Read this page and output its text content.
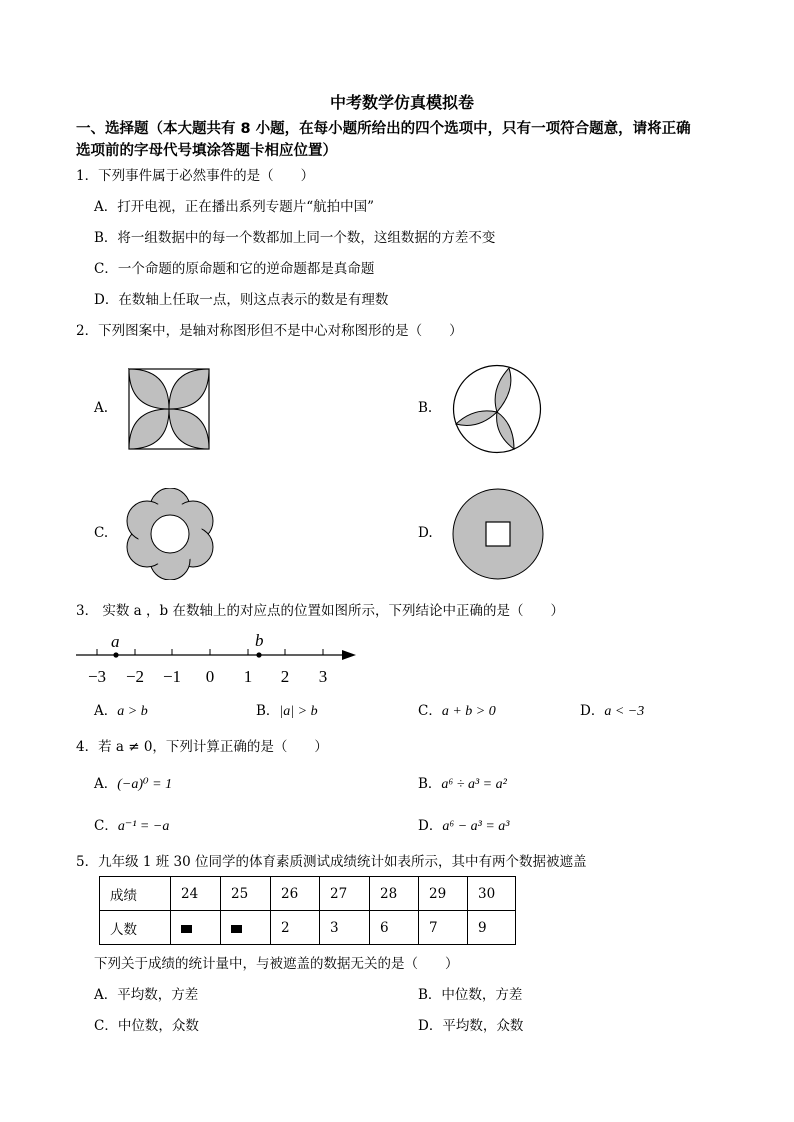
中考数学仿真模拟卷
一、选择题（本大题共有 8 小题，在每小题所给出的四个选项中，只有一项符合题意，请将正确
选项前的字母代号填涂答题卡相应位置）
1．下列事件属于必然事件的是（　　）
A．打开电视，正在播出系列专题片“航拍中国”
B．将一组数据中的每一个数都加上同一个数，这组数据的方差不变
C．一个命题的原命题和它的逆命题都是真命题
D．在数轴上任取一点，则这点表示的数是有理数
2．下列图案中，是轴对称图形但不是中心对称图形的是（　　）
A.	B.
C.	D.
3． 实数 a ，b 在数轴上的对应点的位置如图所示，下列结论中正确的是（　　）
a	b
−3 −2 −1 0 1 2 3
A．a > b	B．|a| > b	C．a + b > 0	D．a < −3
4．若 a ≠ 0，下列计算正确的是（　　）
A．(−a)⁰ = 1	B．a⁶ ÷ a³ = a²
C．a⁻¹ = −a	D．a⁶ − a³ = a³
5．九年级 1 班 30 位同学的体育素质测试成绩统计如表所示，其中有两个数据被遮盖
成绩	24	25	26	27	28	29	30
人数			2	3	6	7	9
下列关于成绩的统计量中，与被遮盖的数据无关的是（　　）
A．平均数，方差	B．中位数，方差
C．中位数，众数	D．平均数，众数
